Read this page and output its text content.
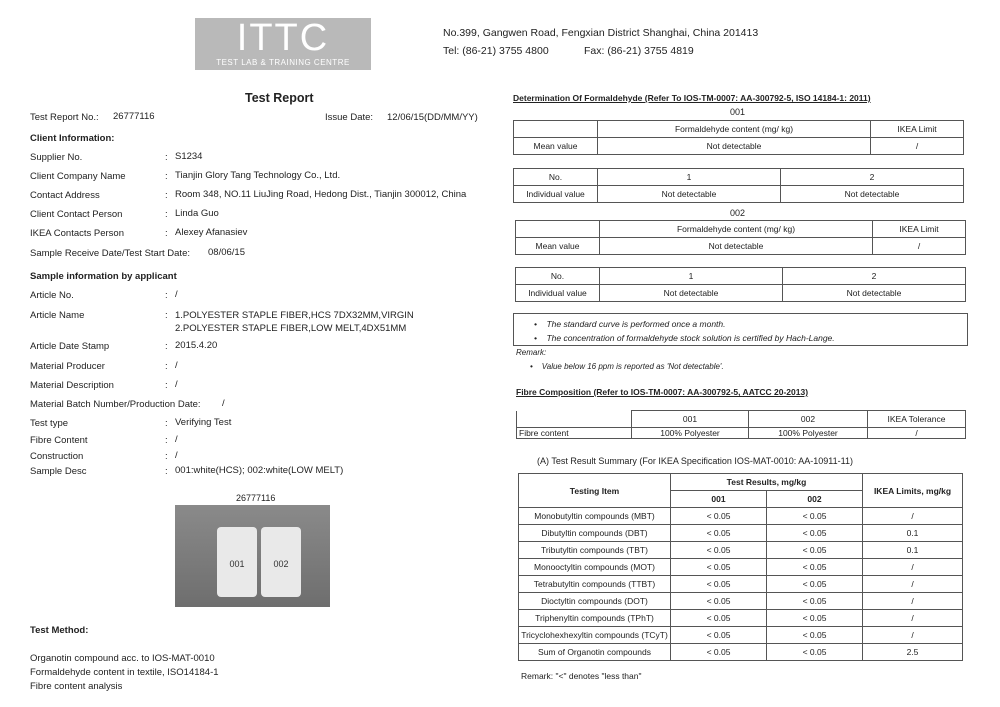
ITTC
TEST LAB & TRAINING CENTRE
No.399, Gangwen Road, Fengxian District Shanghai, China 201413
Tel: (86-21) 3755 4800	Fax: (86-21) 3755 4819
Test Report
Test Report No.: 26777116	Issue Date: 12/06/15(DD/MM/YY)
Client Information:
Supplier No.	: S1234
Client Company Name	: Tianjin Glory Tang Technology Co., Ltd.
Contact Address	: Room 348, NO.11 LiuJing Road, Hedong Dist., Tianjin 300012, China
Client Contact Person	: Linda Guo
IKEA Contacts Person	: Alexey Afanasiev
Sample Receive Date/Test Start Date: 08/06/15
Sample information by applicant
Article No.	: /
Article Name	: 1.POLYESTER STAPLE FIBER,HCS 7DX32MM,VIRGIN
2.POLYESTER STAPLE FIBER,LOW MELT,4DX51MM
Article Date Stamp	: 2015.4.20
Material Producer	: /
Material Description	: /
Material Batch Number/Production Date: /
Test type	: Verifying Test
Fibre Content	: /
Construction	: /
Sample Desc	: 001:white(HCS); 002:white(LOW MELT)
26777116
001	002
Test Method:
Organotin compound acc. to IOS-MAT-0010
Formaldehyde content in textile, ISO14184-1
Fibre content analysis
Determination Of Formaldehyde (Refer To IOS-TM-0007: AA-300792-5, ISO 14184-1: 2011)
001
	Formaldehyde content (mg/ kg)	IKEA Limit
Mean value	Not detectable	/
No.	1	2
Individual value	Not detectable	Not detectable
002
	Formaldehyde content (mg/ kg)	IKEA Limit
Mean value	Not detectable	/
No.	1	2
Individual value	Not detectable	Not detectable
•    The standard curve is performed once a month.
•    The concentration of formaldehyde stock solution is certified by Hach-Lange.
Remark:
•    Value below 16 ppm is reported as 'Not detectable'.
Fibre Composition (Refer to IOS-TM-0007: AA-300792-5, AATCC 20-2013)
	001	002	IKEA Tolerance
Fibre content	100% Polyester	100% Polyester	/
(A) Test Result Summary (For IKEA Specification IOS-MAT-0010: AA-10911-11)
Testing Item	Test Results, mg/kg		IKEA Limits, mg/kg
	001	002	
Monobutyltin compounds (MBT)	< 0.05	< 0.05	/
Dibutyltin compounds (DBT)	< 0.05	< 0.05	0.1
Tributyltin compounds (TBT)	< 0.05	< 0.05	0.1
Monooctyltin compounds (MOT)	< 0.05	< 0.05	/
Tetrabutyltin compounds (TTBT)	< 0.05	< 0.05	/
Dioctyltin compounds (DOT)	< 0.05	< 0.05	/
Triphenyltin compounds (TPhT)	< 0.05	< 0.05	/
Tricyclohexhexyltin compounds (TCyT)	< 0.05	< 0.05	/
Sum of Organotin compounds	< 0.05	< 0.05	2.5
Remark: "<" denotes "less than"
